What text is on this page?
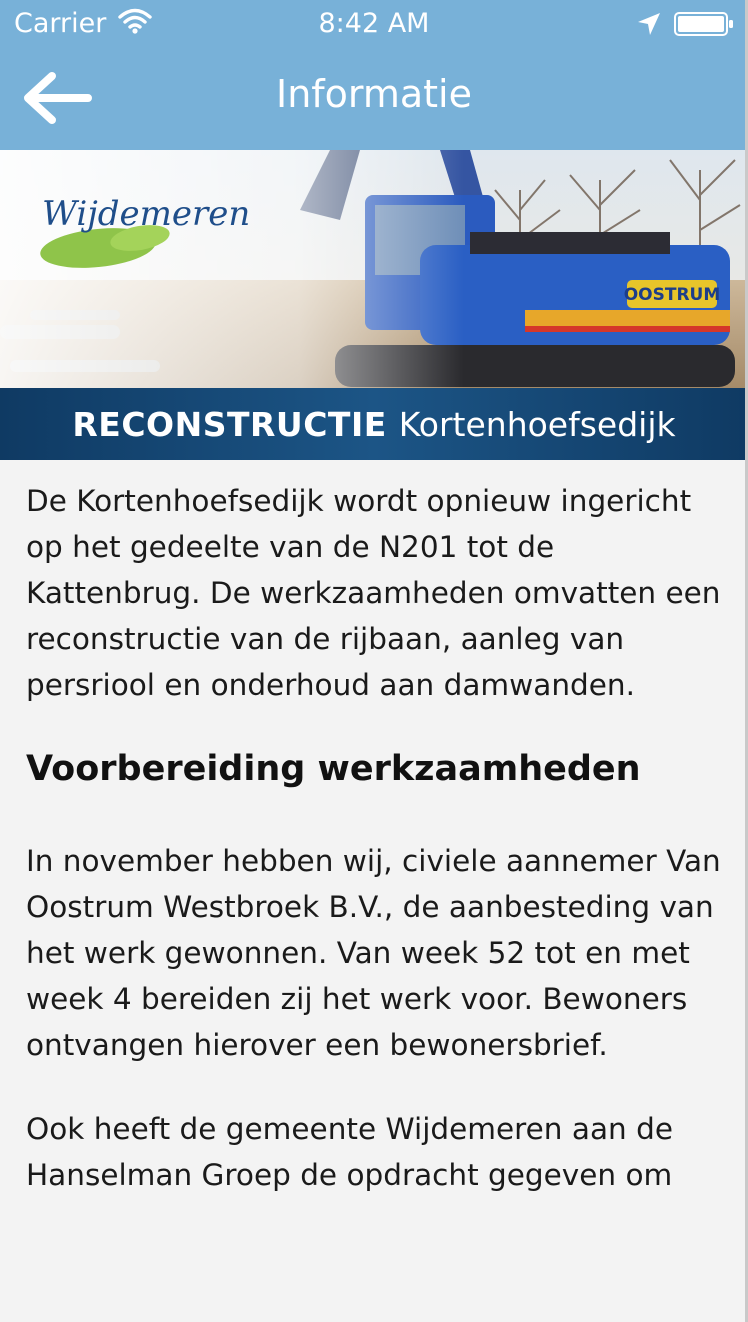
Carrier	8:42 AM
Informatie
Wijdemeren
RECONSTRUCTIE Kortenhoefsedijk

De Kortenhoefsedijk wordt opnieuw ingericht op het gedeelte van de N201 tot de Kattenbrug. De werkzaamheden omvatten een reconstructie van de rijbaan, aanleg van persriool en onderhoud aan damwanden.

Voorbereiding werkzaamheden

In november hebben wij, civiele aannemer Van Oostrum Westbroek B.V., de aanbesteding van het werk gewonnen. Van week 52 tot en met week 4 bereiden zij het werk voor. Bewoners ontvangen hierover een bewonersbrief.

Ook heeft de gemeente Wijdemeren aan de Hanselman Groep de opdracht gegeven om
